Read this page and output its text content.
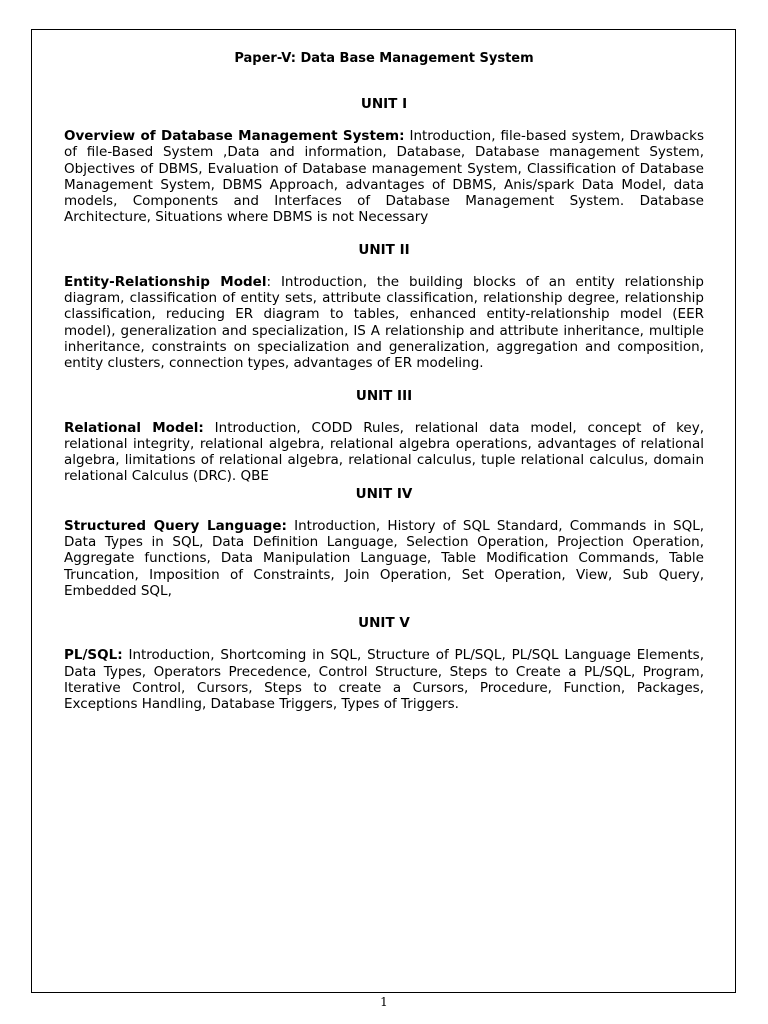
Paper-V: Data Base Management System
UNIT I

Overview of Database Management System: Introduction, file-based system, Drawbacks of file-Based System ,Data and information, Database, Database management System, Objectives of DBMS, Evaluation of Database management System, Classification of Database Management System, DBMS Approach, advantages of DBMS, Anis/spark Data Model, data models, Components and Interfaces of Database Management System. Database Architecture, Situations where DBMS is not Necessary

UNIT II

Entity-Relationship Model: Introduction, the building blocks of an entity relationship diagram, classification of entity sets, attribute classification, relationship degree, relationship classification, reducing ER diagram to tables, enhanced entity-relationship model (EER model), generalization and specialization, IS A relationship and attribute inheritance, multiple inheritance, constraints on specialization and generalization, aggregation and composition, entity clusters, connection types, advantages of ER modeling.

UNIT III

Relational Model: Introduction, CODD Rules, relational data model, concept of key, relational integrity, relational algebra, relational algebra operations, advantages of relational algebra, limitations of relational algebra, relational calculus, tuple relational calculus, domain relational Calculus (DRC). QBE

UNIT IV

Structured Query Language: Introduction, History of SQL Standard, Commands in SQL, Data Types in SQL, Data Definition Language, Selection Operation, Projection Operation, Aggregate functions, Data Manipulation Language, Table Modification Commands, Table Truncation, Imposition of Constraints, Join Operation, Set Operation, View, Sub Query, Embedded SQL,

UNIT V

PL/SQL: Introduction, Shortcoming in SQL, Structure of PL/SQL, PL/SQL Language Elements, Data Types, Operators Precedence, Control Structure, Steps to Create a PL/SQL, Program, Iterative Control, Cursors, Steps to create a Cursors, Procedure, Function, Packages, Exceptions Handling, Database Triggers, Types of Triggers.

1
